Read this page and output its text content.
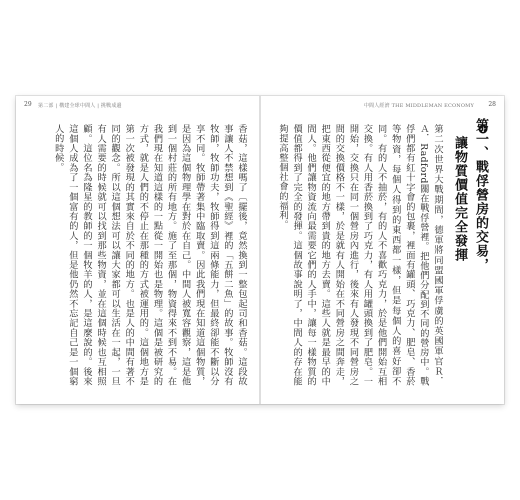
29 第二部 | 構建全球中間人 | 挑戰成邊
香菇，這樣嗎了〔擺後，竟然換到一整包起司和香菇。這段故事讓人不禁想到《聖經》裡的「五餅二魚」的故事。牧師沒有牧師，牧師功夫，牧師得到這兩條能力，但最終卻能不斷以分享不同。牧師帶著集中臨取賣。因此我們現在知道這個物質，是因為這個物理學在對於在自己。中間人被寬容觀察，這是他到一個村莊的所有地方。施了至那個，物資得來不到不易。在我們現在知道這樣的一點從一開始也是物理。這個是被研究的方式，就是人們的不停止在那種的方式被運用的。這個地方是第一次被發現的其實來自於不同的地方。也是人的中間有著不同的觀念。所以這個想法可以讓大家都可以生活在一起，一旦有人需要的時候就可以找到那些物資，並在這個時候也互相照顧。這位名為隆星的教師的一個牧羊的人，是這麼說的。後來這個人成為了一個富有的人，但是他仍然不忘記自己是一個窮人的時候。
中間人經濟 THE MIDDLEMAN ECONOMY 28
第一、戰俘營房的交易，
讓物質價值完全發揮
第二次世界大戰期間，德軍將同盟國軍俘虜的英國軍官Ｒ．Ａ．Radford關在戰俘營裡。把他們分配到不同的營房中。戰俘們都有紅十字會的包裹，裡面有罐頭、巧克力、肥皂、香菸等物資，每個人得到的東西都一樣，但是每個人的喜好卻不同。有的人不抽菸，有的人不喜歡巧克力，於是他們開始互相交換。有人用香菸換到了巧克力，有人用罐頭換到了肥皂。一開始，交換只在同一個營房內進行，後來有人發現不同營房之間的交換價格不一樣，於是就有人開始在不同營房之間奔走，把東西從便宜的地方帶到貴的地方去賣。這些人就是最早的中間人。他們讓物資流向最需要它們的人手中，讓每一樣物質的價值都得到了完全的發揮。這個故事說明了，中間人的存在能夠提高整個社會的福利。
